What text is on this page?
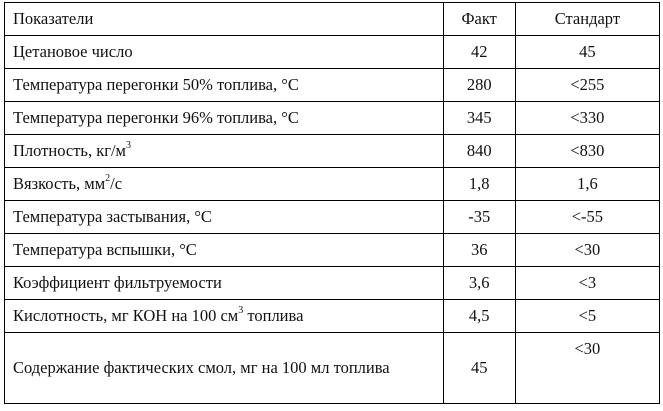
Показатели	Факт	Стандарт
Цетановое число	42	45
Температура перегонки 50% топлива, °С	280	<255
Температура перегонки 96% топлива, °С	345	<330
Плотность, $кг/м^3$	840	<830
Вязкость, $мм^2/с$	1,8	1,6
Температура застывания, °С	-35	<-55
Температура вспышки, °С	36	<30
Коэффициент фильтруемости	3,6	<3
Кислотность, мг КОН на 100 $см^3$ топлива	4,5	<5
Содержание фактических смол, мг на 100 мл топлива	45	<30
